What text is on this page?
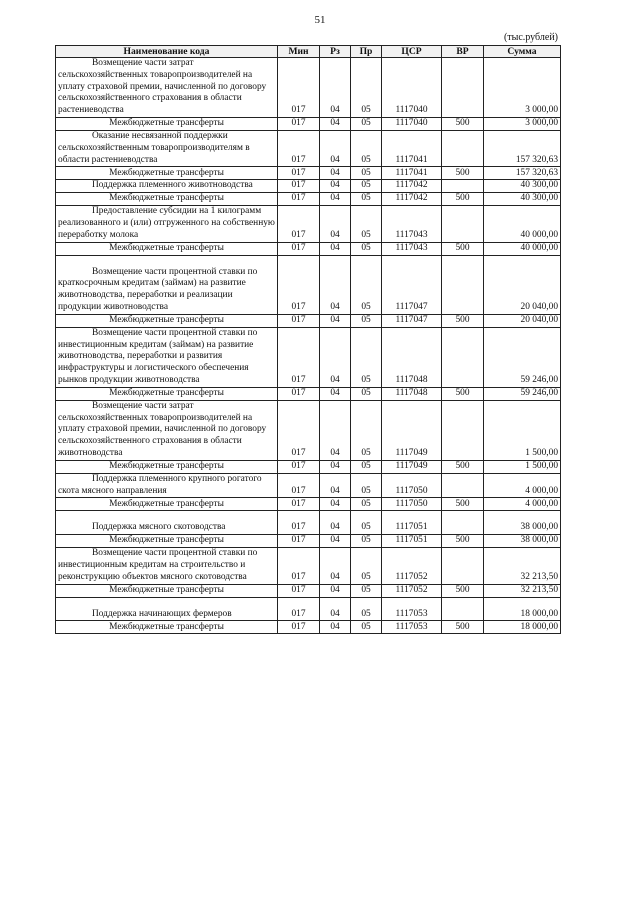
51
(тыс.рублей)
Наименование кода	Мин	Рз	Пр	ЦСР	ВР	Сумма

Возмещение части затрат сельскохозяйственных товаропроизводителей на уплату страховой премии, начисленной по договору сельскохозяйственного страхования в области растениеводства	017	04	05	1117040		3 000,00

Межбюджетные трансферты	017	04	05	1117040	500	3 000,00

Оказание несвязанной поддержки сельскохозяйственным товаропроизводителям в области растениеводства	017	04	05	1117041		157 320,63

Межбюджетные трансферты	017	04	05	1117041	500	157 320,63

Поддержка племенного животноводства	017	04	05	1117042		40 300,00

Межбюджетные трансферты	017	04	05	1117042	500	40 300,00

Предоставление субсидии на 1 килограмм реализованного и (или) отгруженного на собственную переработку молока	017	04	05	1117043		40 000,00

Межбюджетные трансферты	017	04	05	1117043	500	40 000,00

Возмещение части процентной ставки по краткосрочным кредитам (займам) на развитие животноводства, переработки и реализации продукции животноводства	017	04	05	1117047		20 040,00

Межбюджетные трансферты	017	04	05	1117047	500	20 040,00

Возмещение части процентной ставки по инвестиционным кредитам (займам) на развитие животноводства, переработки и развития инфраструктуры и логистического обеспечения рынков продукции животноводства	017	04	05	1117048		59 246,00

Межбюджетные трансферты	017	04	05	1117048	500	59 246,00

Возмещение части затрат сельскохозяйственных товаропроизводителей на уплату страховой премии, начисленной по договору сельскохозяйственного страхования в области животноводства	017	04	05	1117049		1 500,00

Межбюджетные трансферты	017	04	05	1117049	500	1 500,00

Поддержка племенного крупного рогатого скота мясного направления	017	04	05	1117050		4 000,00

Межбюджетные трансферты	017	04	05	1117050	500	4 000,00

Поддержка мясного скотоводства	017	04	05	1117051		38 000,00

Межбюджетные трансферты	017	04	05	1117051	500	38 000,00

Возмещение части процентной ставки по инвестиционным кредитам на строительство и реконструкцию объектов мясного скотоводства	017	04	05	1117052		32 213,50

Межбюджетные трансферты	017	04	05	1117052	500	32 213,50

Поддержка начинающих фермеров	017	04	05	1117053		18 000,00

Межбюджетные трансферты	017	04	05	1117053	500	18 000,00
